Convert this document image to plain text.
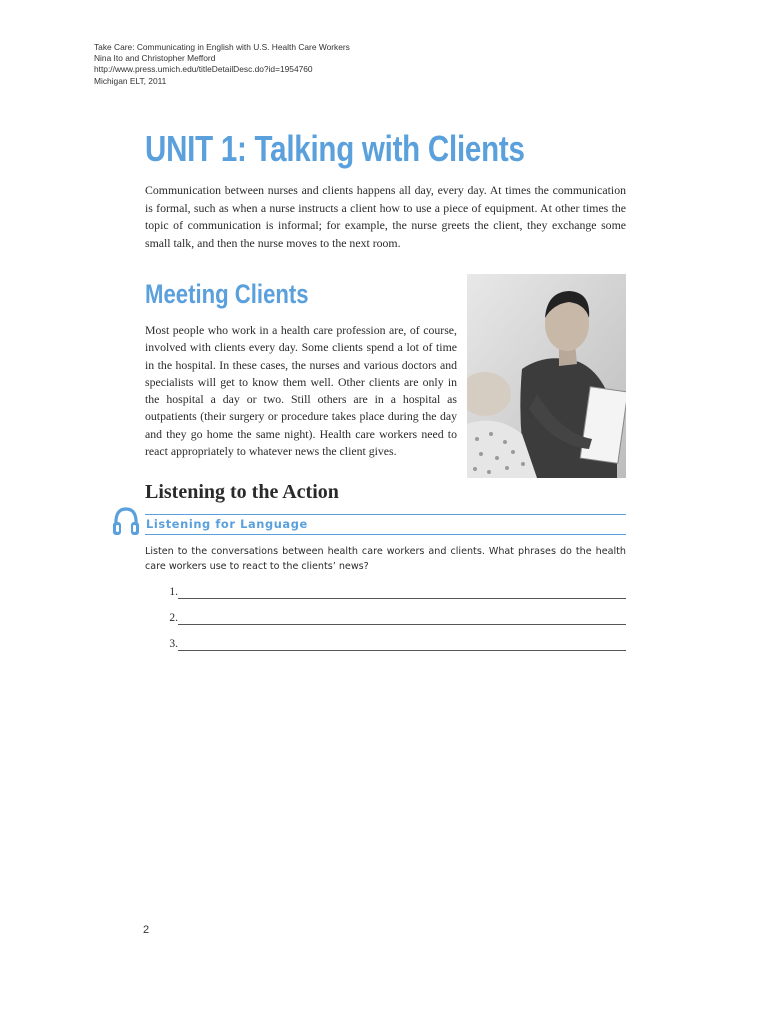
Take Care: Communicating in English with U.S. Health Care Workers
Nina Ito and Christopher Mefford
http://www.press.umich.edu/titleDetailDesc.do?id=1954760
Michigan ELT, 2011
UNIT 1: Talking with Clients

Communication between nurses and clients happens all day, every day. At times the communication is formal, such as when a nurse instructs a client how to use a piece of equipment. At other times the topic of communication is informal; for example, the nurse greets the client, they exchange some small talk, and then the nurse moves to the next room.

Meeting Clients

Most people who work in a health care profession are, of course, involved with clients every day. Some clients spend a lot of time in the hospital. In these cases, the nurses and various doctors and specialists will get to know them well. Other clients are only in the hospital a day or two. Still others are in a hospital as outpatients (their surgery or procedure takes place during the day and they go home the same night). Health care workers need to react appropriately to whatever news the client gives.

Listening to the Action
Listening for Language

Listen to the conversations between health care workers and clients. What phrases do the health care workers use to react to the clients’ news?

1.
2.
3.
2
